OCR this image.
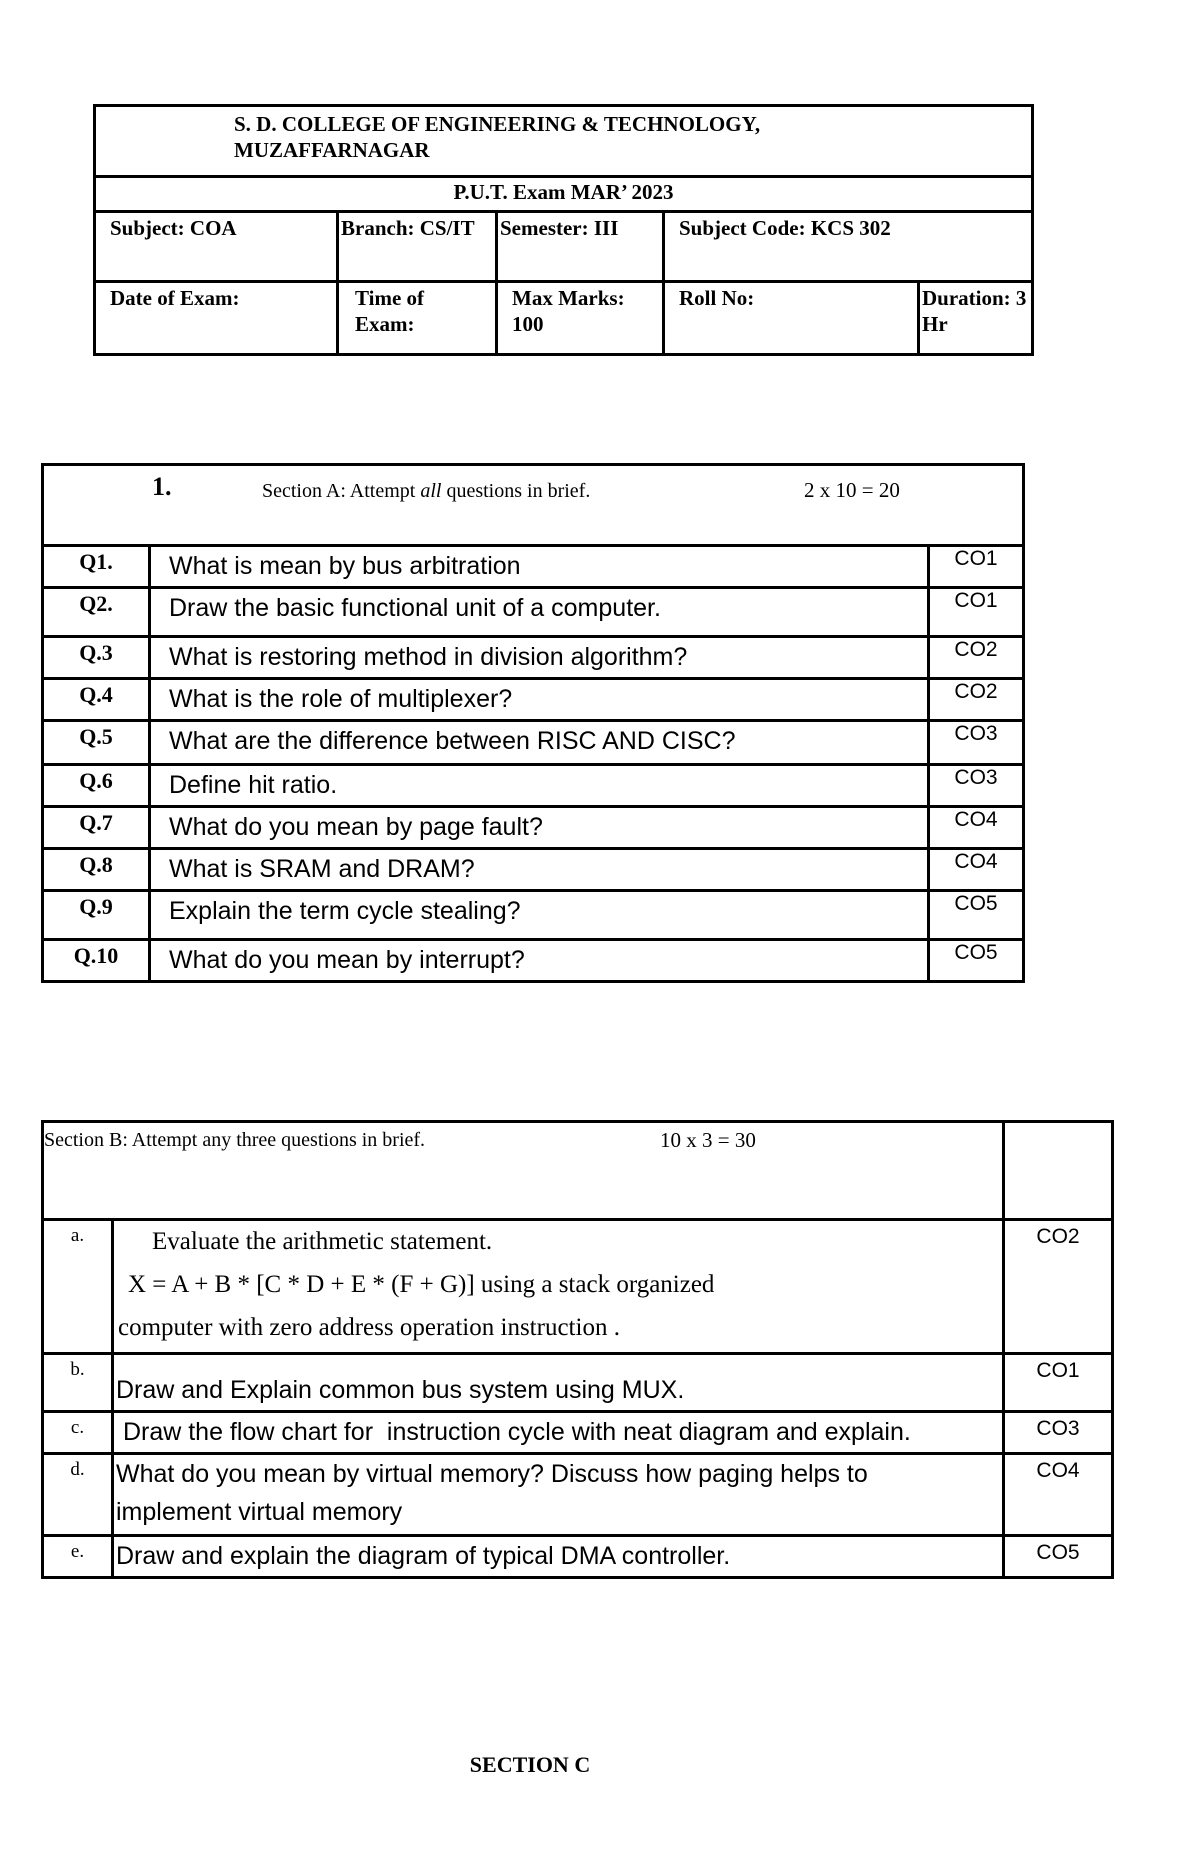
S. D. COLLEGE OF ENGINEERING & TECHNOLOGY,
MUZAFFARNAGAR				

P.U.T. Exam MAR’ 2023				
Subject: COA	Branch: CS/IT	Semester: III	Subject Code: KCS 302	
Date of Exam:	Time of Exam:	Max Marks: 100	Roll No:	Duration: 3 Hr
1. Section A: Attempt all questions in brief. 2 x 10 = 20		

Q1.	What is mean by bus arbitration	CO1
Q2.	Draw the basic functional unit of a computer.	CO1
Q.3	What is restoring method in division algorithm?	CO2
Q.4	What is the role of multiplexer?	CO2
Q.5	What are the difference between RISC AND CISC?	CO3
Q.6	Define hit ratio.	CO3
Q.7	What do you mean by page fault?	CO4
Q.8	What is SRAM and DRAM?	CO4
Q.9	Explain the term cycle stealing?	CO5
Q.10	What do you mean by interrupt?	CO5
Section B: Attempt any three questions in brief. 10 x 3 = 30		

a.	Evaluate the arithmetic statement.
X = A + B * [C * D + E * (F + G)] using a stack organized
computer with zero address operation instruction .	CO2
b.	Draw and Explain common bus system using MUX.	CO1
c.	Draw the flow chart for  instruction cycle with neat diagram and explain.	CO3
d.	What do you mean by virtual memory? Discuss how paging helps to
implement virtual memory	CO4
e.	Draw and explain the diagram of typical DMA controller.	CO5
SECTION C
